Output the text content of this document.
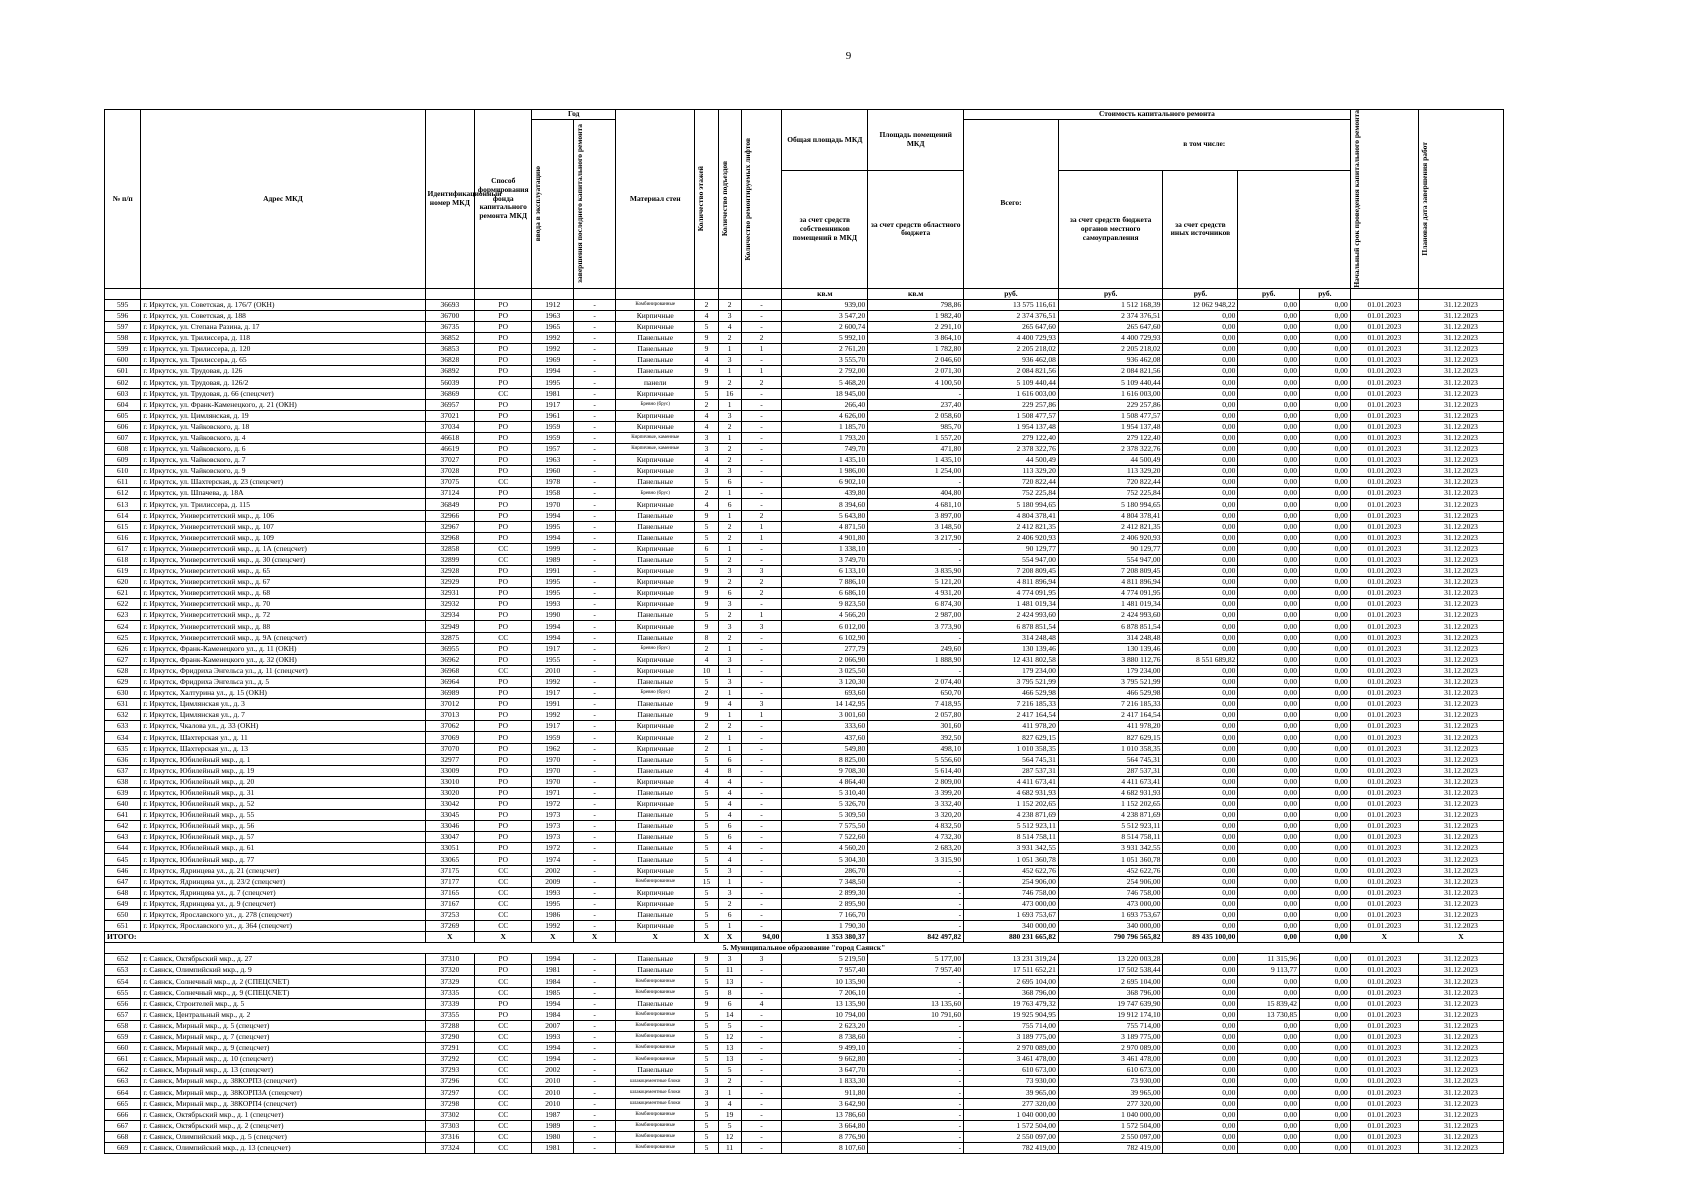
9
№ п/п	Адрес МКД	Идентификационный номер МКД	Способ формирования фонда капитального ремонта МКД	Год		Материал стен	Количество этажей	Количество подъездов	Количество ремонтируемых лифтов	Общая площадь МКД	Площадь помещений МКД	Стоимость капитального ремонта					Начальный срок проведения капитального ремонта	Плановая дата завершения работ

				ввода в эксплуатацию	завершения последнего капитального ремонта							Всего:	в том числе:					
										за счет средств собственников помещений в МКД	за счет средств областного бюджета		за счет средств бюджета органов местного самоуправления	за счет средств иных источников				
										кв.м	кв.м	руб.	руб.	руб.	руб.	руб.		
595	г. Иркутск, ул. Советская, д. 176/7 (ОКН)	36693	РО	1912	-	Комбинированные	2	2	-	939,00	798,86	13 575 116,61	1 512 168,39	12 062 948,22	0,00	0,00	01.01.2023	31.12.2023
596	г. Иркутск, ул. Советская, д. 188	36700	РО	1963	-	Кирпичные	4	3	-	3 547,20	1 982,40	2 374 376,51	2 374 376,51	0,00	0,00	0,00	01.01.2023	31.12.2023
597	г. Иркутск, ул. Степана Разина, д. 17	36735	РО	1965	-	Кирпичные	5	4	-	2 600,74	2 291,10	265 647,60	265 647,60	0,00	0,00	0,00	01.01.2023	31.12.2023
598	г. Иркутск, ул. Трилиссера, д. 118	36852	РО	1992	-	Панельные	9	2	2	5 992,10	3 864,10	4 400 729,93	4 400 729,93	0,00	0,00	0,00	01.01.2023	31.12.2023
599	г. Иркутск, ул. Трилиссера, д. 120	36853	РО	1992	-	Панельные	9	1	1	2 761,20	1 782,80	2 205 218,02	2 205 218,02	0,00	0,00	0,00	01.01.2023	31.12.2023
600	г. Иркутск, ул. Трилиссера, д. 65	36828	РО	1969	-	Панельные	4	3	-	3 555,70	2 046,60	936 462,08	936 462,08	0,00	0,00	0,00	01.01.2023	31.12.2023
601	г. Иркутск, ул. Трудовая, д. 126	36892	РО	1994	-	Панельные	9	1	1	2 792,00	2 071,30	2 084 821,56	2 084 821,56	0,00	0,00	0,00	01.01.2023	31.12.2023
602	г. Иркутск, ул. Трудовая, д. 126/2	56039	РО	1995	-	панели	9	2	2	5 468,20	4 100,50	5 109 440,44	5 109 440,44	0,00	0,00	0,00	01.01.2023	31.12.2023
603	г. Иркутск, ул. Трудовая, д. 66 (спецсчет)	36869	СС	1981	-	Кирпичные	5	16	-	18 945,00	-	1 616 003,00	1 616 003,00	0,00	0,00	0,00	01.01.2023	31.12.2023
604	г. Иркутск, ул. Франк-Каменецкого, д. 21 (ОКН)	36957	РО	1917	-	Бревно (брус)	2	1	-	266,40	237,40	229 257,86	229 257,86	0,00	0,00	0,00	01.01.2023	31.12.2023
605	г. Иркутск, ул. Цимлянская, д. 19	37021	РО	1961	-	Кирпичные	4	3	-	4 626,00	2 058,60	1 508 477,57	1 508 477,57	0,00	0,00	0,00	01.01.2023	31.12.2023
606	г. Иркутск, ул. Чайковского, д. 18	37034	РО	1959	-	Кирпичные	4	2	-	1 185,70	985,70	1 954 137,48	1 954 137,48	0,00	0,00	0,00	01.01.2023	31.12.2023
607	г. Иркутск, ул. Чайковского, д. 4	46618	РО	1959	-	Кирпичные, каменные	3	1	-	1 793,20	1 557,20	279 122,40	279 122,40	0,00	0,00	0,00	01.01.2023	31.12.2023
608	г. Иркутск, ул. Чайковского, д. 6	46619	РО	1957	-	Кирпичные, каменные	3	2	-	749,70	471,80	2 378 322,76	2 378 322,76	0,00	0,00	0,00	01.01.2023	31.12.2023
609	г. Иркутск, ул. Чайковского, д. 7	37027	РО	1963	-	Кирпичные	4	2	-	1 435,10	1 435,10	44 500,49	44 500,49	0,00	0,00	0,00	01.01.2023	31.12.2023
610	г. Иркутск, ул. Чайковского, д. 9	37028	РО	1960	-	Кирпичные	3	3	-	1 986,00	1 254,00	113 329,20	113 329,20	0,00	0,00	0,00	01.01.2023	31.12.2023
611	г. Иркутск, ул. Шахтерская, д. 23 (спецсчет)	37075	СС	1978	-	Панельные	5	6	-	6 902,10	-	720 822,44	720 822,44	0,00	0,00	0,00	01.01.2023	31.12.2023
612	г. Иркутск, ул. Шпачева, д. 18А	37124	РО	1958	-	Бревно (брус)	2	1	-	439,80	404,80	752 225,84	752 225,84	0,00	0,00	0,00	01.01.2023	31.12.2023
613	г. Иркутск, ул. Трилиссера, д. 115	36849	РО	1970	-	Кирпичные	4	6	-	8 394,60	4 681,10	5 180 994,65	5 180 994,65	0,00	0,00	0,00	01.01.2023	31.12.2023
614	г. Иркутск, Университетский мкр., д. 106	32966	РО	1994	-	Панельные	9	1	2	5 643,80	3 897,00	4 804 378,41	4 804 378,41	0,00	0,00	0,00	01.01.2023	31.12.2023
615	г. Иркутск, Университетский мкр., д. 107	32967	РО	1995	-	Панельные	5	2	1	4 871,50	3 148,50	2 412 821,35	2 412 821,35	0,00	0,00	0,00	01.01.2023	31.12.2023
616	г. Иркутск, Университетский мкр., д. 109	32968	РО	1994	-	Панельные	5	2	1	4 901,80	3 217,90	2 406 920,93	2 406 920,93	0,00	0,00	0,00	01.01.2023	31.12.2023
617	г. Иркутск, Университетский мкр., д. 1А (спецсчет)	32858	СС	1999	-	Кирпичные	6	1	-	1 338,10	-	90 129,77	90 129,77	0,00	0,00	0,00	01.01.2023	31.12.2023
618	г. Иркутск, Университетский мкр., д. 30 (спецсчет)	32899	СС	1989	-	Панельные	5	2	-	3 749,70	-	554 947,00	554 947,00	0,00	0,00	0,00	01.01.2023	31.12.2023
619	г. Иркутск, Университетский мкр., д. 65	32928	РО	1991	-	Кирпичные	9	3	3	6 133,10	3 835,90	7 208 809,45	7 208 809,45	0,00	0,00	0,00	01.01.2023	31.12.2023
620	г. Иркутск, Университетский мкр., д. 67	32929	РО	1995	-	Кирпичные	9	2	2	7 886,10	5 121,20	4 811 896,94	4 811 896,94	0,00	0,00	0,00	01.01.2023	31.12.2023
621	г. Иркутск, Университетский мкр., д. 68	32931	РО	1995	-	Кирпичные	9	6	2	6 686,10	4 931,20	4 774 091,95	4 774 091,95	0,00	0,00	0,00	01.01.2023	31.12.2023
622	г. Иркутск, Университетский мкр., д. 70	32932	РО	1993	-	Кирпичные	9	3	-	9 823,50	6 874,30	1 481 019,34	1 481 019,34	0,00	0,00	0,00	01.01.2023	31.12.2023
623	г. Иркутск, Университетский мкр., д. 72	32934	РО	1990	-	Панельные	5	2	1	4 566,20	2 987,00	2 424 993,60	2 424 993,60	0,00	0,00	0,00	01.01.2023	31.12.2023
624	г. Иркутск, Университетский мкр., д. 88	32949	РО	1994	-	Кирпичные	9	3	3	6 012,00	3 773,90	6 878 851,54	6 878 851,54	0,00	0,00	0,00	01.01.2023	31.12.2023
625	г. Иркутск, Университетский мкр., д. 9А (спецсчет)	32875	СС	1994	-	Панельные	8	2	-	6 102,90	-	314 248,48	314 248,48	0,00	0,00	0,00	01.01.2023	31.12.2023
626	г. Иркутск, Франк-Каменецкого ул., д. 11 (ОКН)	36955	РО	1917	-	Бревно (брус)	2	1	-	277,79	249,60	130 139,46	130 139,46	0,00	0,00	0,00	01.01.2023	31.12.2023
627	г. Иркутск, Франк-Каменецкого ул., д. 32 (ОКН)	36962	РО	1955	-	Кирпичные	4	3	-	2 066,90	1 888,90	12 431 802,58	3 880 112,76	8 551 689,82	0,00	0,00	01.01.2023	31.12.2023
628	г. Иркутск, Фридриха Энгельса ул., д. 11 (спецсчет)	36968	СС	2010	-	Кирпичные	10	1	-	3 025,50	-	179 234,00	179 234,00	0,00	0,00	0,00	01.01.2023	31.12.2023
629	г. Иркутск, Фридриха Энгельса ул., д. 5	36964	РО	1992	-	Панельные	5	3	-	3 120,30	2 074,40	3 795 521,99	3 795 521,99	0,00	0,00	0,00	01.01.2023	31.12.2023
630	г. Иркутск, Халтурина ул., д. 15 (ОКН)	36989	РО	1917	-	Бревно (брус)	2	1	-	693,60	650,70	466 529,98	466 529,98	0,00	0,00	0,00	01.01.2023	31.12.2023
631	г. Иркутск, Цимлянская ул., д. 3	37012	РО	1991	-	Панельные	9	4	3	14 142,95	7 418,95	7 216 185,33	7 216 185,33	0,00	0,00	0,00	01.01.2023	31.12.2023
632	г. Иркутск, Цимлянская ул., д. 7	37013	РО	1992	-	Панельные	9	1	1	3 001,60	2 057,80	2 417 164,54	2 417 164,54	0,00	0,00	0,00	01.01.2023	31.12.2023
633	г. Иркутск, Чкалова ул., д. 33 (ОКН)	37062	РО	1917	-	Кирпичные	2	2	-	333,60	301,60	411 978,20	411 978,20	0,00	0,00	0,00	01.01.2023	31.12.2023
634	г. Иркутск, Шахтерская ул., д. 11	37069	РО	1959	-	Кирпичные	2	1	-	437,60	392,50	827 629,15	827 629,15	0,00	0,00	0,00	01.01.2023	31.12.2023
635	г. Иркутск, Шахтерская ул., д. 13	37070	РО	1962	-	Кирпичные	2	1	-	549,80	498,10	1 010 358,35	1 010 358,35	0,00	0,00	0,00	01.01.2023	31.12.2023
636	г. Иркутск, Юбилейный мкр., д. 1	32977	РО	1970	-	Панельные	5	6	-	8 825,00	5 556,60	564 745,31	564 745,31	0,00	0,00	0,00	01.01.2023	31.12.2023
637	г. Иркутск, Юбилейный мкр., д. 19	33009	РО	1970	-	Панельные	4	8	-	9 708,30	5 614,40	287 537,31	287 537,31	0,00	0,00	0,00	01.01.2023	31.12.2023
638	г. Иркутск, Юбилейный мкр., д. 20	33010	РО	1970	-	Кирпичные	4	4	-	4 864,40	2 809,00	4 411 673,41	4 411 673,41	0,00	0,00	0,00	01.01.2023	31.12.2023
639	г. Иркутск, Юбилейный мкр., д. 31	33020	РО	1971	-	Панельные	5	4	-	5 310,40	3 399,20	4 682 931,93	4 682 931,93	0,00	0,00	0,00	01.01.2023	31.12.2023
640	г. Иркутск, Юбилейный мкр., д. 52	33042	РО	1972	-	Кирпичные	5	4	-	5 326,70	3 332,40	1 152 202,65	1 152 202,65	0,00	0,00	0,00	01.01.2023	31.12.2023
641	г. Иркутск, Юбилейный мкр., д. 55	33045	РО	1973	-	Панельные	5	4	-	5 309,50	3 320,20	4 238 871,69	4 238 871,69	0,00	0,00	0,00	01.01.2023	31.12.2023
642	г. Иркутск, Юбилейный мкр., д. 56	33046	РО	1973	-	Панельные	5	6	-	7 575,50	4 832,50	5 512 923,11	5 512 923,11	0,00	0,00	0,00	01.01.2023	31.12.2023
643	г. Иркутск, Юбилейный мкр., д. 57	33047	РО	1973	-	Панельные	5	6	-	7 522,60	4 732,30	8 514 758,11	8 514 758,11	0,00	0,00	0,00	01.01.2023	31.12.2023
644	г. Иркутск, Юбилейный мкр., д. 61	33051	РО	1972	-	Панельные	5	4	-	4 560,20	2 683,20	3 931 342,55	3 931 342,55	0,00	0,00	0,00	01.01.2023	31.12.2023
645	г. Иркутск, Юбилейный мкр., д. 77	33065	РО	1974	-	Панельные	5	4	-	5 304,30	3 315,90	1 051 360,78	1 051 360,78	0,00	0,00	0,00	01.01.2023	31.12.2023
646	г. Иркутск, Ядринцева ул., д. 21 (спецсчет)	37175	СС	2002	-	Кирпичные	5	3	-	286,70	-	452 622,76	452 622,76	0,00	0,00	0,00	01.01.2023	31.12.2023
647	г. Иркутск, Ядринцева ул., д. 23/2 (спецсчет)	37177	СС	2009	-	Комбинированные	15	1	-	7 348,50	-	254 906,00	254 906,00	0,00	0,00	0,00	01.01.2023	31.12.2023
648	г. Иркутск, Ядринцева ул., д. 7 (спецсчет)	37165	СС	1993	-	Кирпичные	5	3	-	2 899,30	-	746 758,00	746 758,00	0,00	0,00	0,00	01.01.2023	31.12.2023
649	г. Иркутск, Ядринцева ул., д. 9 (спецсчет)	37167	СС	1995	-	Кирпичные	5	2	-	2 895,90	-	473 000,00	473 000,00	0,00	0,00	0,00	01.01.2023	31.12.2023
650	г. Иркутск, Ярославского ул., д. 278 (спецсчет)	37253	СС	1986	-	Панельные	5	6	-	7 166,70	-	1 693 753,67	1 693 753,67	0,00	0,00	0,00	01.01.2023	31.12.2023
651	г. Иркутск, Ярославского ул., д. 364 (спецсчет)	37269	СС	1992	-	Кирпичные	5	1	-	1 790,30	-	340 000,00	340 000,00	0,00	0,00	0,00	01.01.2023	31.12.2023
ИТОГО:		Х	Х	Х	Х	Х	Х	Х	94,00	1 353 380,37	842 497,82	880 231 665,82	790 796 565,82	89 435 100,00	0,00	0,00	Х	Х
5. Муниципальное образование "город Саянск"																		
652	г. Саянск, Октябрьский мкр., д. 27	37310	РО	1994	-	Панельные	9	3	3	5 219,50	5 177,00	13 231 319,24	13 220 003,28	0,00	11 315,96	0,00	01.01.2023	31.12.2023
653	г. Саянск, Олимпийский мкр., д. 9	37320	РО	1981	-	Панельные	5	11	-	7 957,40	7 957,40	17 511 652,21	17 502 538,44	0,00	9 113,77	0,00	01.01.2023	31.12.2023
654	г. Саянск, Солнечный мкр., д. 2 (СПЕЦСЧЕТ)	37329	СС	1984	-	Комбинированные	5	13	-	10 135,90	-	2 695 104,00	2 695 104,00	0,00	0,00	0,00	01.01.2023	31.12.2023
655	г. Саянск, Солнечный мкр., д. 9 (СПЕЦСЧЕТ)	37335	СС	1985	-	Комбинированные	5	8	-	7 206,10	-	368 796,00	368 796,00	0,00	0,00	0,00	01.01.2023	31.12.2023
656	г. Саянск, Строителей мкр., д. 5	37339	РО	1994	-	Панельные	9	6	4	13 135,90	13 135,60	19 763 479,32	19 747 639,90	0,00	15 839,42	0,00	01.01.2023	31.12.2023
657	г. Саянск, Центральный мкр., д. 2	37355	РО	1984	-	Комбинированные	5	14	-	10 794,00	10 791,60	19 925 904,95	19 912 174,10	0,00	13 730,85	0,00	01.01.2023	31.12.2023
658	г. Саянск, Мирный мкр., д. 5 (спецсчет)	37288	СС	2007	-	Комбинированные	5	5	-	2 623,20	-	755 714,00	755 714,00	0,00	0,00	0,00	01.01.2023	31.12.2023
659	г. Саянск, Мирный мкр., д. 7 (спецсчет)	37290	СС	1993	-	Комбинированные	5	12	-	8 738,60	-	3 189 775,00	3 189 775,00	0,00	0,00	0,00	01.01.2023	31.12.2023
660	г. Саянск, Мирный мкр., д. 9 (спецсчет)	37291	СС	1994	-	Комбинированные	5	13	-	9 499,10	-	2 970 089,00	2 970 089,00	0,00	0,00	0,00	01.01.2023	31.12.2023
661	г. Саянск, Мирный мкр., д. 10 (спецсчет)	37292	СС	1994	-	Комбинированные	5	13	-	9 662,80	-	3 461 478,00	3 461 478,00	0,00	0,00	0,00	01.01.2023	31.12.2023
662	г. Саянск, Мирный мкр., д. 13 (спецсчет)	37293	СС	2002	-	Панельные	5	5	-	3 647,70	-	610 673,00	610 673,00	0,00	0,00	0,00	01.01.2023	31.12.2023
663	г. Саянск, Мирный мкр., д. 38КОРП3 (спецсчет)	37296	СС	2010	-	шлакоцементные блоки	3	2	-	1 833,30	-	73 930,00	73 930,00	0,00	0,00	0,00	01.01.2023	31.12.2023
664	г. Саянск, Мирный мкр., д. 38КОРП3А (спецсчет)	37297	СС	2010	-	шлакоцементные блоки	3	1	-	911,80	-	39 965,00	39 965,00	0,00	0,00	0,00	01.01.2023	31.12.2023
665	г. Саянск, Мирный мкр., д. 38КОРП4 (спецсчет)	37298	СС	2010	-	шлакоцементные блоки	3	4	-	3 642,90	-	277 320,00	277 320,00	0,00	0,00	0,00	01.01.2023	31.12.2023
666	г. Саянск, Октябрьский мкр., д. 1 (спецсчет)	37302	СС	1987	-	Комбинированные	5	19	-	13 786,60	-	1 040 000,00	1 040 000,00	0,00	0,00	0,00	01.01.2023	31.12.2023
667	г. Саянск, Октябрьский мкр., д. 2 (спецсчет)	37303	СС	1989	-	Комбинированные	5	5	-	3 664,80	-	1 572 504,00	1 572 504,00	0,00	0,00	0,00	01.01.2023	31.12.2023
668	г. Саянск, Олимпийский мкр., д. 5 (спецсчет)	37316	СС	1980	-	Комбинированные	5	12	-	8 776,90	-	2 550 097,00	2 550 097,00	0,00	0,00	0,00	01.01.2023	31.12.2023
669	г. Саянск, Олимпийский мкр., д. 13 (спецсчет)	37324	СС	1981	-	Комбинированные	5	11	-	8 107,60	-	782 419,00	782 419,00	0,00	0,00	0,00	01.01.2023	31.12.2023
